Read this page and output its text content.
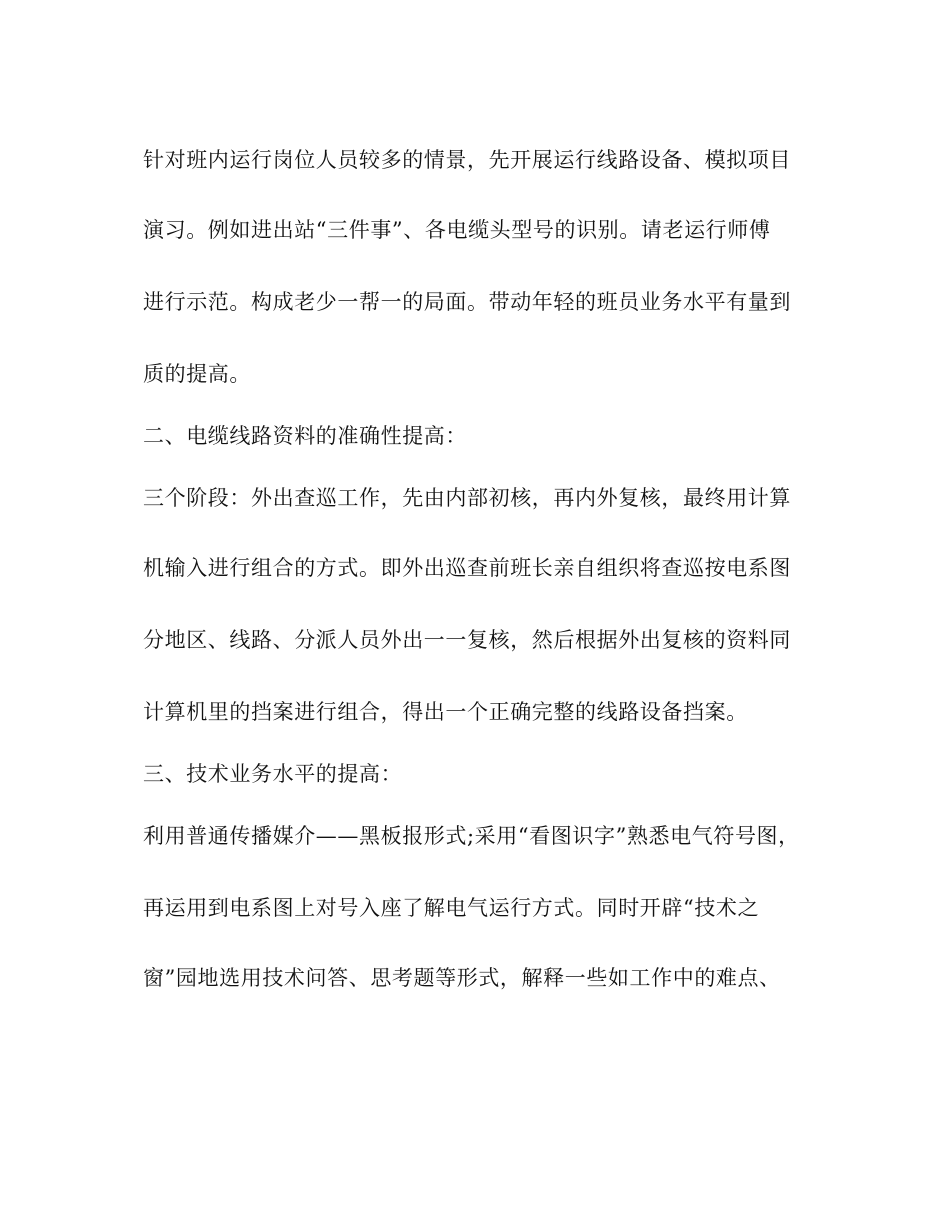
针对班内运行岗位人员较多的情景，先开展运行线路设备、模拟项目
演习。例如进出站“三件事”、各电缆头型号的识别。请老运行师傅
进行示范。构成老少一帮一的局面。带动年轻的班员业务水平有量到
质的提高。
二、电缆线路资料的准确性提高：
三个阶段：外出查巡工作，先由内部初核，再内外复核，最终用计算
机输入进行组合的方式。即外出巡查前班长亲自组织将查巡按电系图
分地区、线路、分派人员外出一一复核，然后根据外出复核的资料同
计算机里的挡案进行组合，得出一个正确完整的线路设备挡案。
三、技术业务水平的提高：
利用普通传播媒介——黑板报形式;采用“看图识字”熟悉电气符号图，
再运用到电系图上对号入座了解电气运行方式。同时开辟“技术之
窗”园地选用技术问答、思考题等形式，解释一些如工作中的难点、
